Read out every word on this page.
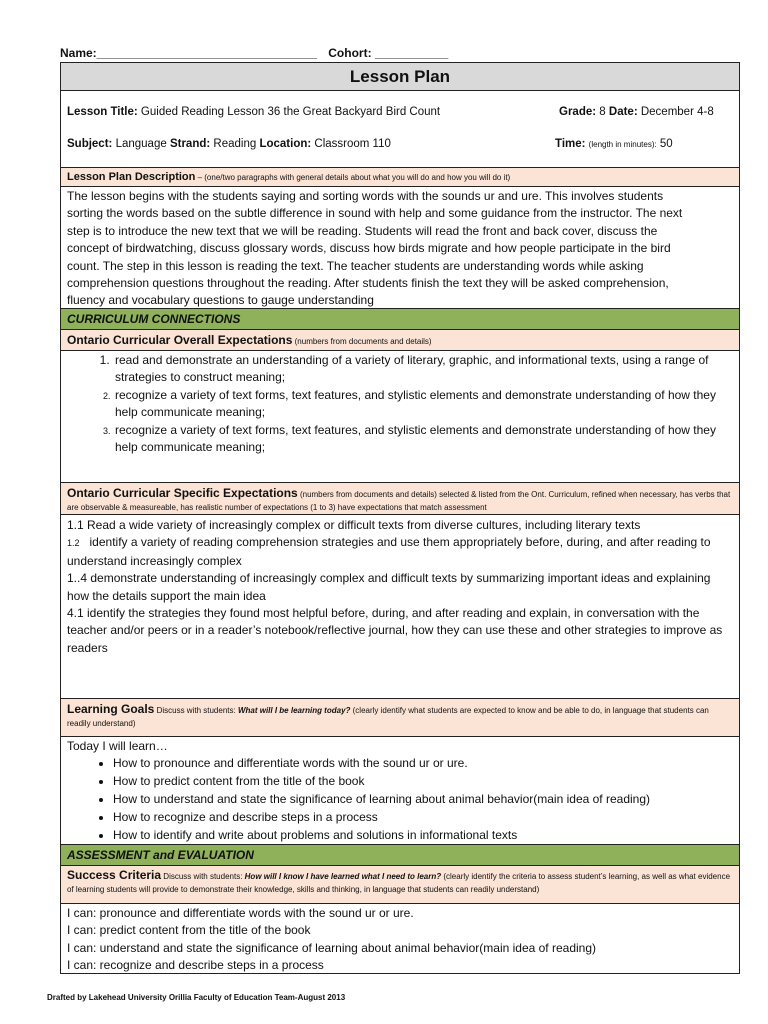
Name:_________________________________ Cohort: ___________
Lesson Plan
Lesson Title: Guided Reading Lesson 36 the Great Backyard Bird Count	Grade: 8 Date: December 4-8
Subject: Language Strand: Reading Location: Classroom 110	Time: (length in minutes): 50
Lesson Plan Description – (one/two paragraphs with general details about what you will do and how you will do it)
The lesson begins with the students saying and sorting words with the sounds ur and ure. This involves students
sorting the words based on the subtle difference in sound with help and some guidance from the instructor. The next
step is to introduce the new text that we will be reading. Students will read the front and back cover, discuss the
concept of birdwatching, discuss glossary words, discuss how birds migrate and how people participate in the bird
count. The step in this lesson is reading the text. The teacher students are understanding words while asking
comprehension questions throughout the reading. After students finish the text they will be asked comprehension,
fluency and vocabulary questions to gauge understanding
CURRICULUM CONNECTIONS
Ontario Curricular Overall Expectations (numbers from documents and details)
1. read and demonstrate an understanding of a variety of literary, graphic, and informational texts, using a range of strategies to construct meaning;
2. recognize a variety of text forms, text features, and stylistic elements and demonstrate understanding of how they help communicate meaning;
3. recognize a variety of text forms, text features, and stylistic elements and demonstrate understanding of how they help communicate meaning;
Ontario Curricular Specific Expectations (numbers from documents and details) selected & listed from the Ont. Curriculum, refined when necessary, has verbs that are observable & measureable, has realistic number of expectations (1 to 3) have expectations that match assessment

1.1 Read a wide variety of increasingly complex or difficult texts from diverse cultures, including literary texts

1.2 identify a variety of reading comprehension strategies and use them appropriately before, during, and after reading to understand increasingly complex

1..4 demonstrate understanding of increasingly complex and difficult texts by summarizing important ideas and explaining how the details support the main idea

4.1 identify the strategies they found most helpful before, during, and after reading and explain, in conversation with the teacher and/or peers or in a reader’s notebook/reflective journal, how they can use these and other strategies to improve as readers

Learning Goals Discuss with students: What will I be learning today? (clearly identify what students are expected to know and be able to do, in language that students can readily understand)
Today I will learn…
• How to pronounce and differentiate words with the sound ur or ure.
• How to predict content from the title of the book
• How to understand and state the significance of learning about animal behavior(main idea of reading)
• How to recognize and describe steps in a process
• How to identify and write about problems and solutions in informational texts
ASSESSMENT and EVALUATION
Success Criteria Discuss with students: How will I know I have learned what I need to learn? (clearly identify the criteria to assess student’s learning, as well as what evidence of learning students will provide to demonstrate their knowledge, skills and thinking, in language that students can readily understand)
I can: pronounce and differentiate words with the sound ur or ure.
I can: predict content from the title of the book
I can: understand and state the significance of learning about animal behavior(main idea of reading)
I can: recognize and describe steps in a process
Drafted by Lakehead University Orillia Faculty of Education Team-August 2013
